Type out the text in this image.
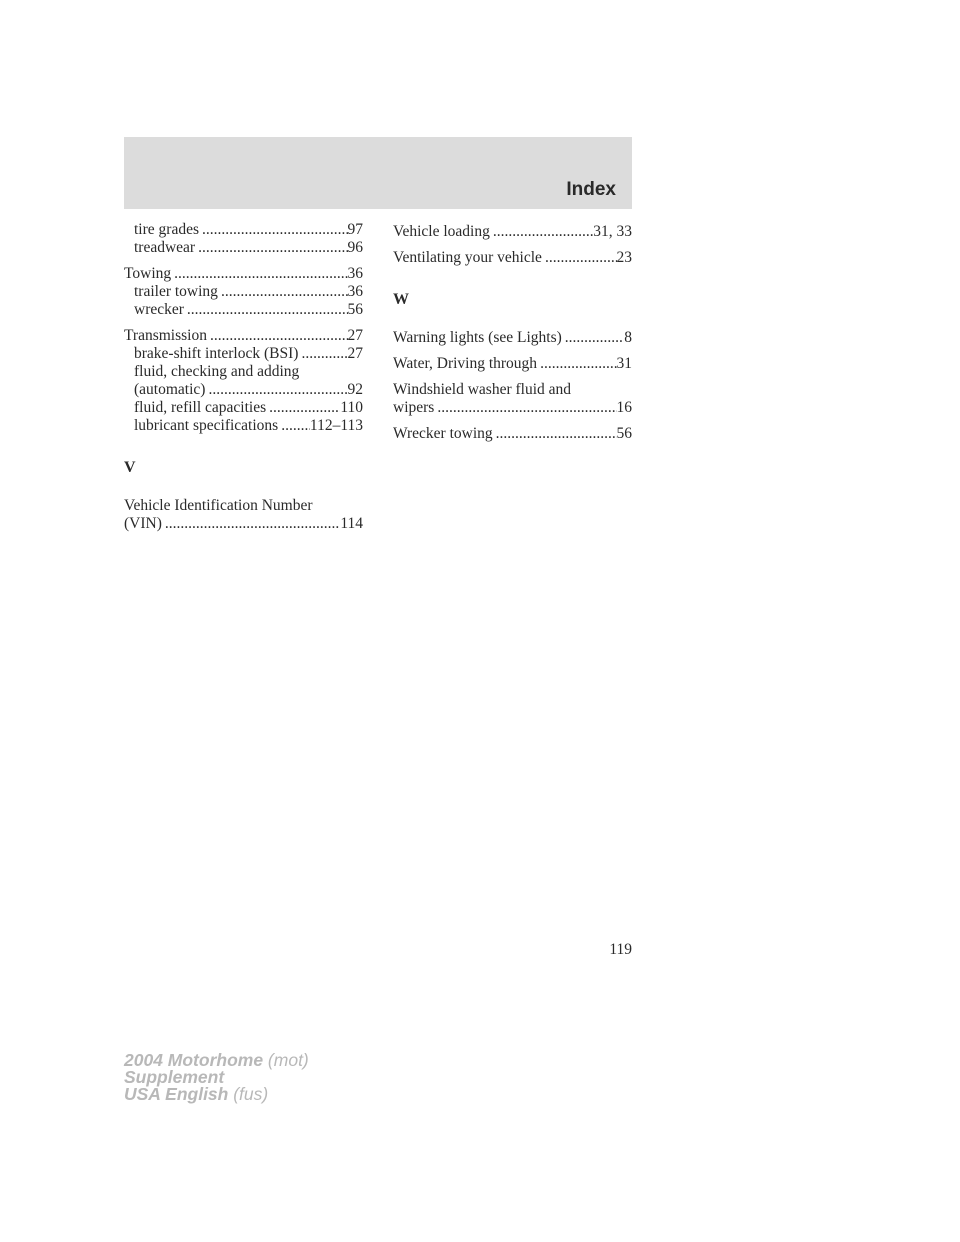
Index
tire grades .....	97
treadwear .....	96
Towing .....	36
trailer towing .....	36
wrecker .....	56
Transmission .....	27
brake-shift interlock (BSI) .....	27
fluid, checking and adding
(automatic) .....	92
fluid, refill capacities .....	110
lubricant specifications ..... 112–113
V
Vehicle Identification Number
(VIN) .....	114
Vehicle loading .....	31, 33
Ventilating your vehicle .....	23
W
Warning lights (see Lights) .....	8
Water, Driving through .....	31
Windshield washer fluid and
wipers .....	16
Wrecker towing .....	56
119
2004 Motorhome (mot)
Supplement
USA English (fus)
